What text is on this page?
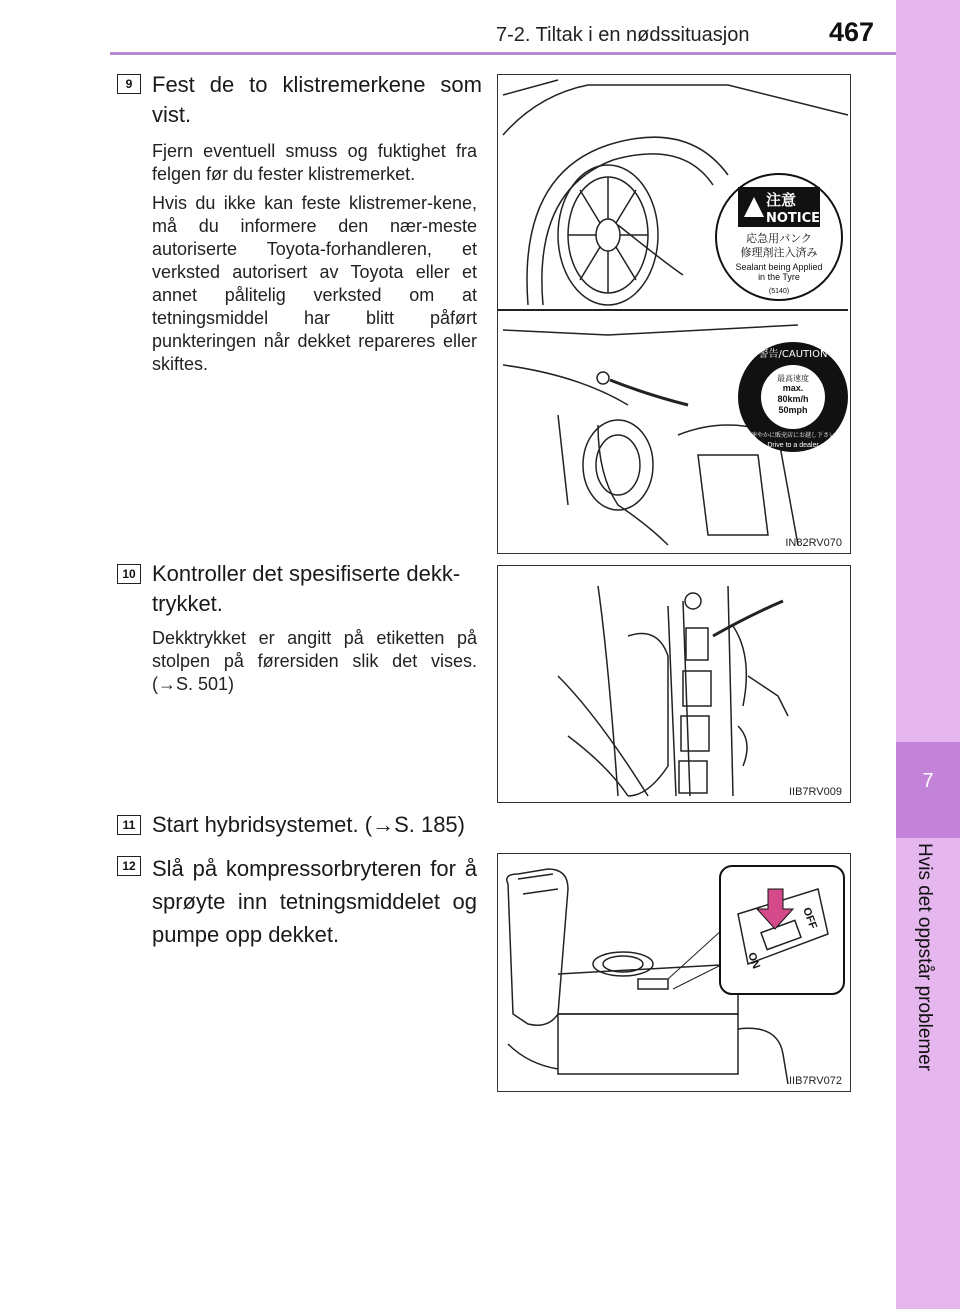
7-2. Tiltak i en nødssituasjon	467
7
Hvis det oppstår problemer
9 Fest de to klistremerkene som vist.
Fjern eventuell smuss og fuktighet fra felgen før du fester klistremerket.
Hvis du ikke kan feste klistremer-kene, må du informere den nær-meste autoriserte Toyota-forhandleren, et verksted autorisert av Toyota eller et annet pålitelig verksted om at tetningsmiddel har blitt påført punkteringen når dekket repareres eller skiftes.
注意
NOTICE
応急用パンク
修理剤注入済み
Sealant being Applied
in the Tyre
(5140)
警告/CAUTION
最高速度
max.
80km/h
50mph
速やかに販売店にお越し下さい
Drive to a dealer
IN82RV070
10 Kontroller det spesifiserte dekk-trykket.
Dekktrykket er angitt på etiketten på stolpen på førersiden slik det vises. (→S. 501)
IIB7RV009
11 Start hybridsystemet. (→S. 185)
12 Slå på kompressorbryteren for å sprøyte inn tetningsmiddelet og pumpe opp dekket.
ON
OFF
IIB7RV072
